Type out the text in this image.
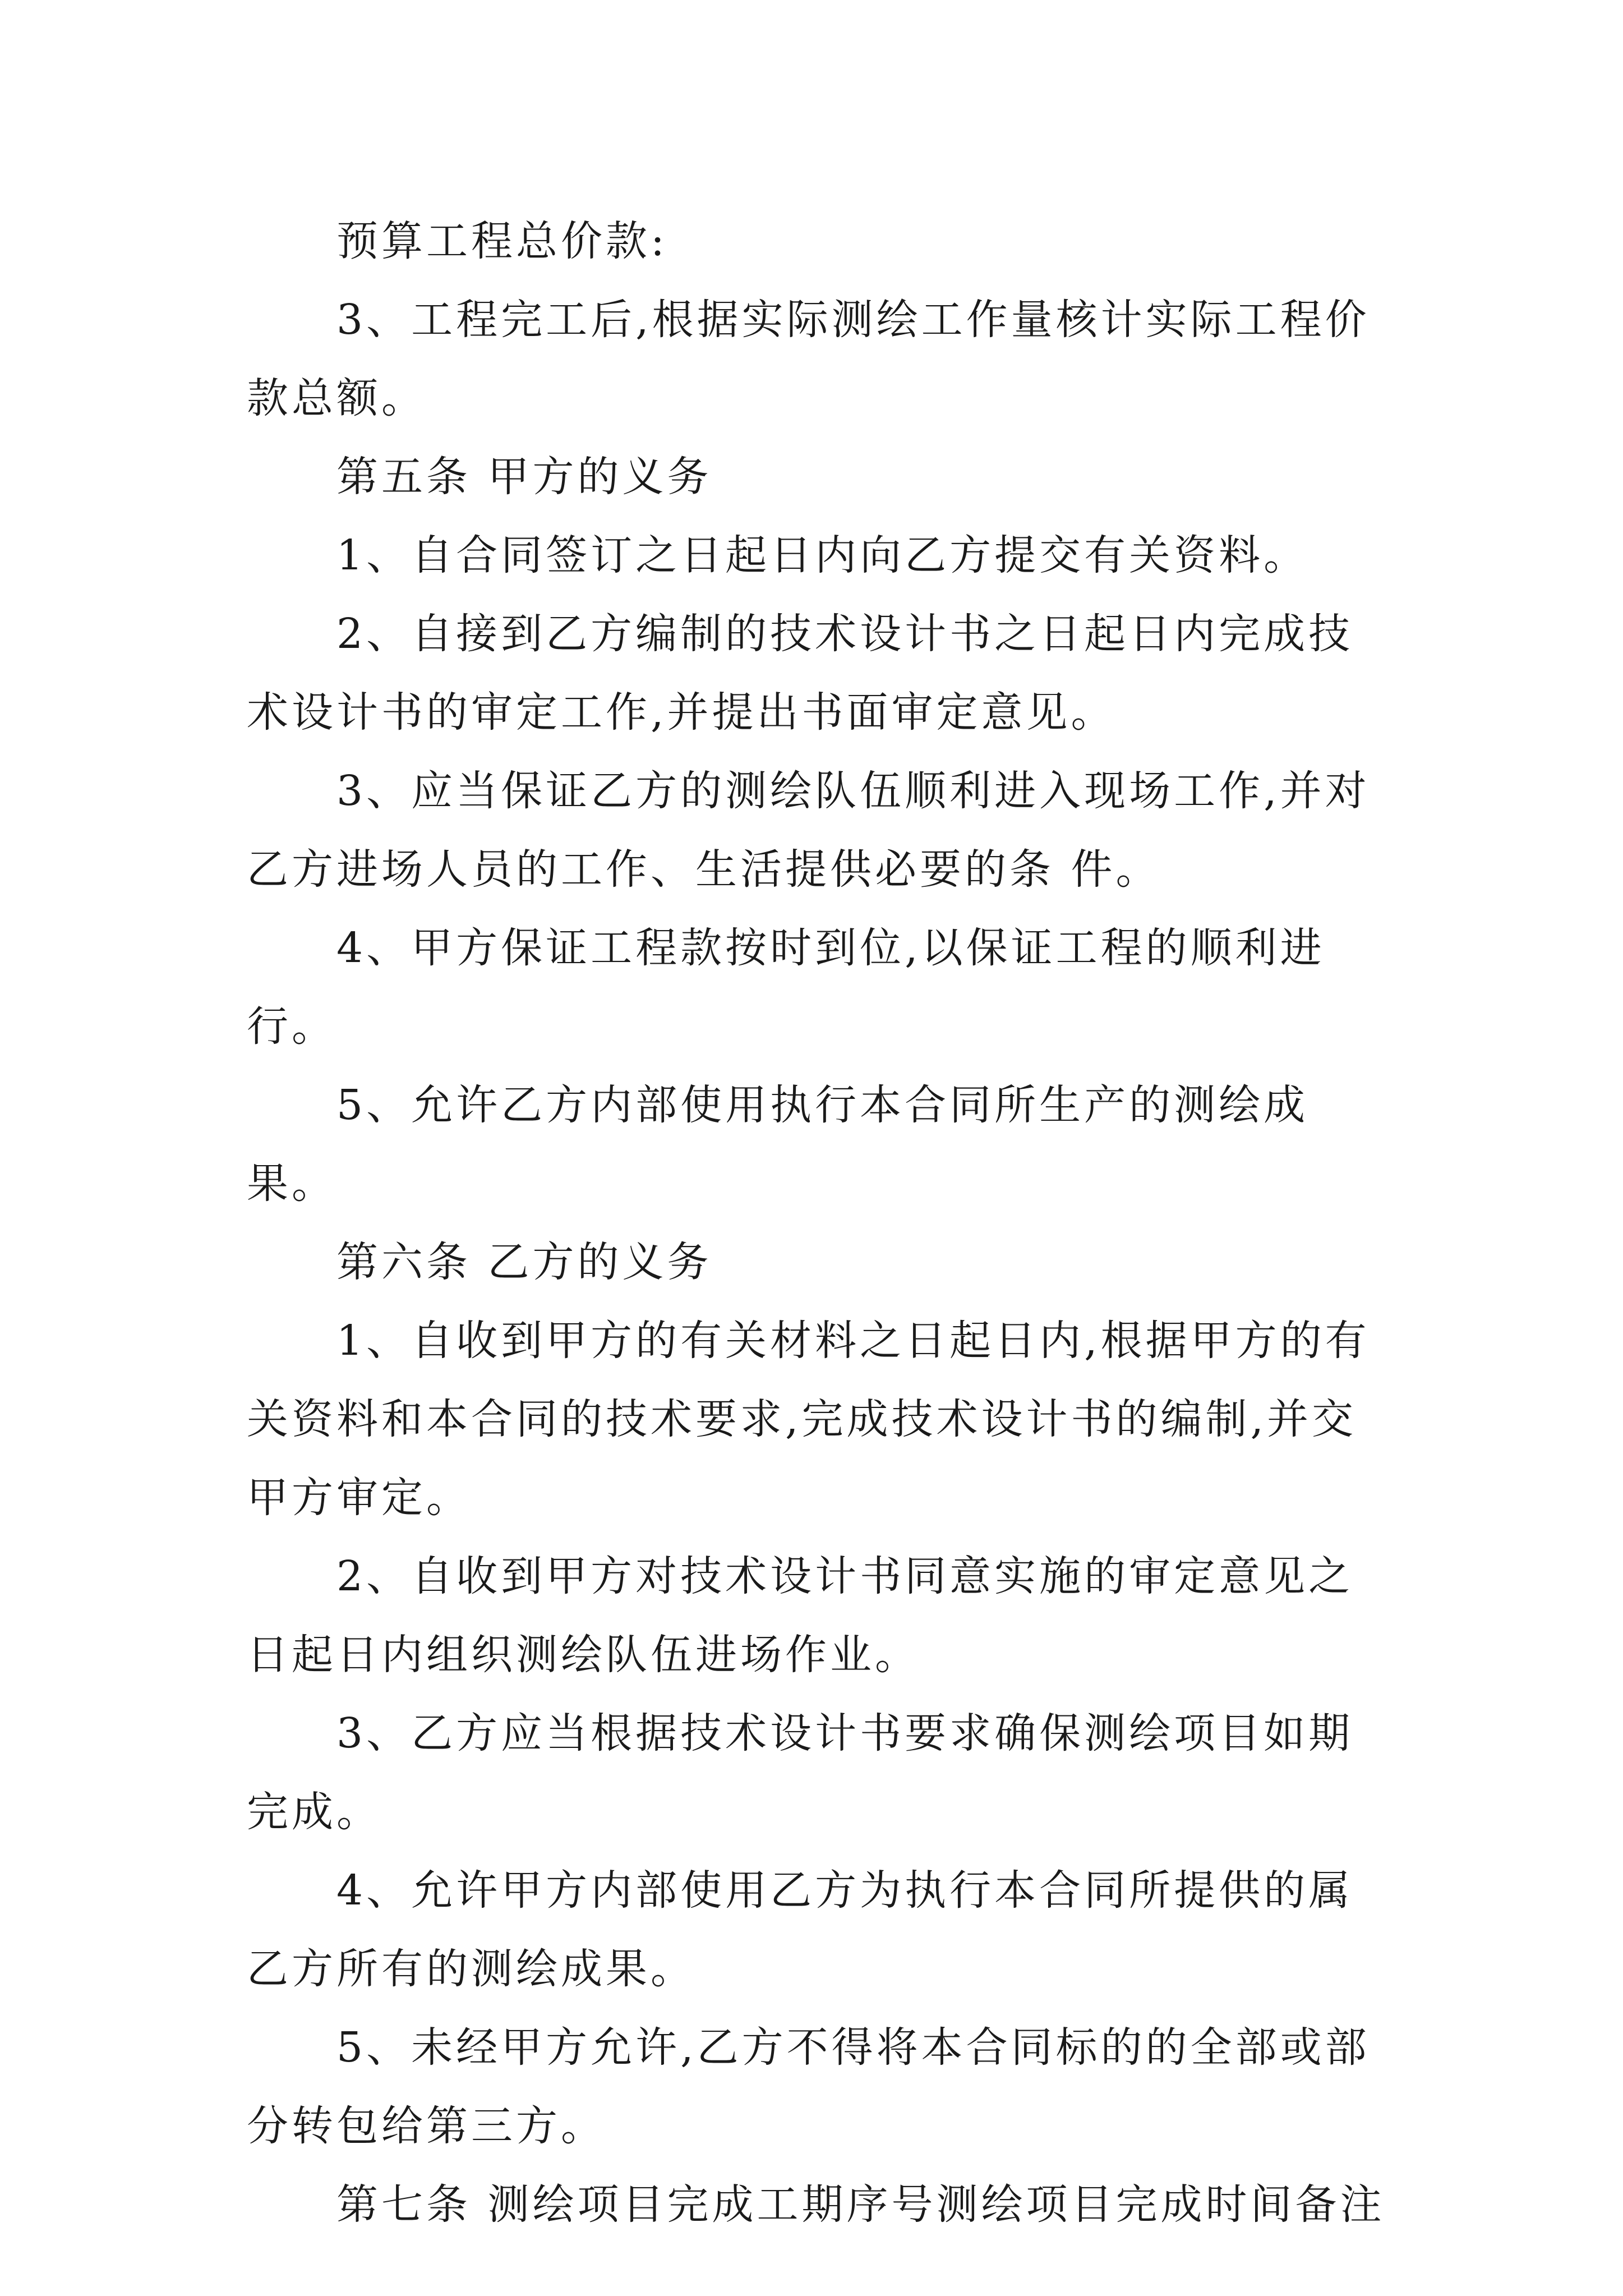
预算工程总价款:

3、工程完工后,根据实际测绘工作量核计实际工程价款总额。

第五条 甲方的义务

1、自合同签订之日起日内向乙方提交有关资料。

2、自接到乙方编制的技术设计书之日起日内完成技术设计书的审定工作,并提出书面审定意见。

3、应当保证乙方的测绘队伍顺利进入现场工作,并对乙方进场人员的工作、生活提供必要的条 件。

4、甲方保证工程款按时到位,以保证工程的顺利进行。

5、允许乙方内部使用执行本合同所生产的测绘成果。

第六条 乙方的义务

1、自收到甲方的有关材料之日起日内,根据甲方的有关资料和本合同的技术要求,完成技术设计书的编制,并交甲方审定。

2、自收到甲方对技术设计书同意实施的审定意见之日起日内组织测绘队伍进场作业。

3、乙方应当根据技术设计书要求确保测绘项目如期完成。

4、允许甲方内部使用乙方为执行本合同所提供的属乙方所有的测绘成果。

5、未经甲方允许,乙方不得将本合同标的的全部或部分转包给第三方。

第七条 测绘项目完成工期序号测绘项目完成时间备注
